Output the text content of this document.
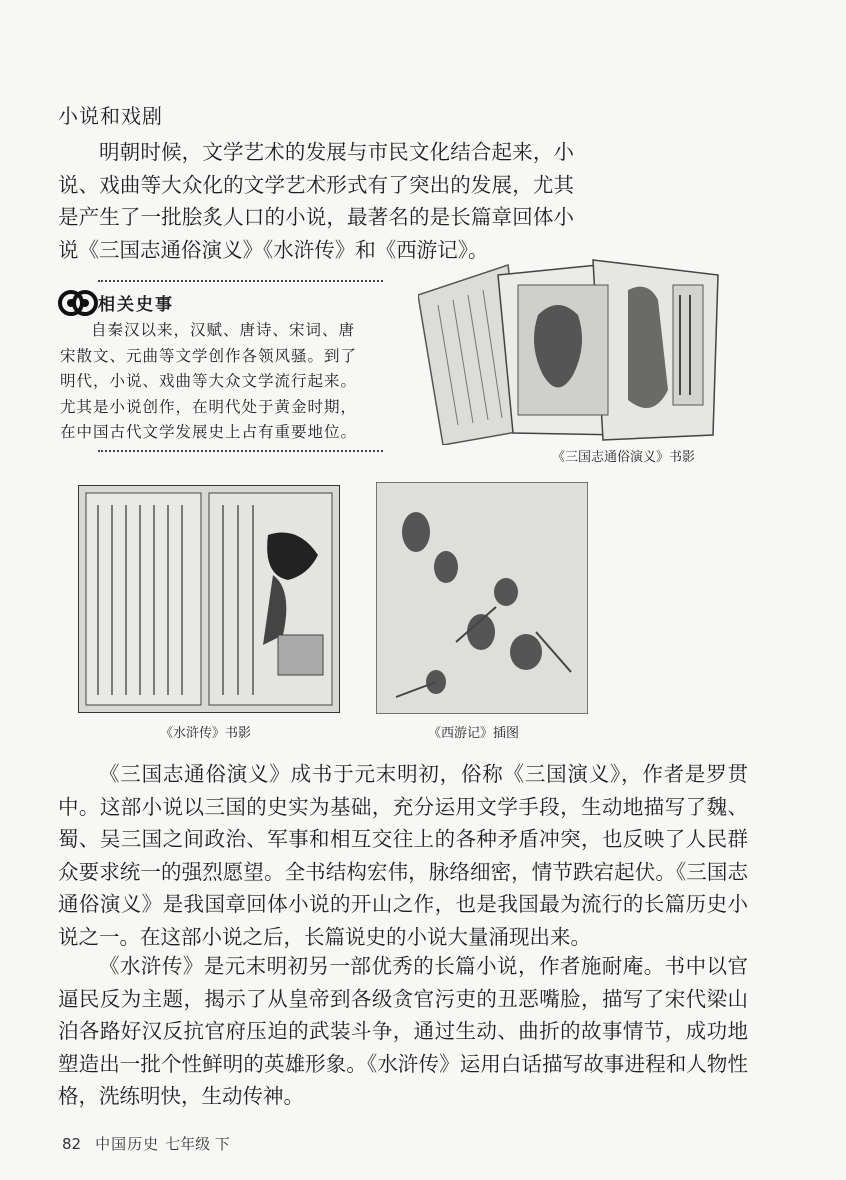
小说和戏剧

明朝时候，文学艺术的发展与市民文化结合起来，小说、戏曲等大众化的文学艺术形式有了突出的发展，尤其是产生了一批脍炙人口的小说，最著名的是长篇章回体小说《三国志通俗演义》《水浒传》和《西游记》。

相关史事

自秦汉以来，汉赋、唐诗、宋词、唐宋散文、元曲等文学创作各领风骚。到了明代，小说、戏曲等大众文学流行起来。尤其是小说创作，在明代处于黄金时期，在中国古代文学发展史上占有重要地位。

《三国志通俗演义》书影
《水浒传》书影	《西游记》插图

《三国志通俗演义》成书于元末明初，俗称《三国演义》，作者是罗贯中。这部小说以三国的史实为基础，充分运用文学手段，生动地描写了魏、蜀、吴三国之间政治、军事和相互交往上的各种矛盾冲突，也反映了人民群众要求统一的强烈愿望。全书结构宏伟，脉络细密，情节跌宕起伏。《三国志通俗演义》是我国章回体小说的开山之作，也是我国最为流行的长篇历史小说之一。在这部小说之后，长篇说史的小说大量涌现出来。

《水浒传》是元末明初另一部优秀的长篇小说，作者施耐庵。书中以官逼民反为主题，揭示了从皇帝到各级贪官污吏的丑恶嘴脸，描写了宋代梁山泊各路好汉反抗官府压迫的武装斗争，通过生动、曲折的故事情节，成功地塑造出一批个性鲜明的英雄形象。《水浒传》运用白话描写故事进程和人物性格，洗练明快，生动传神。

82 中国历史 七年级 下
